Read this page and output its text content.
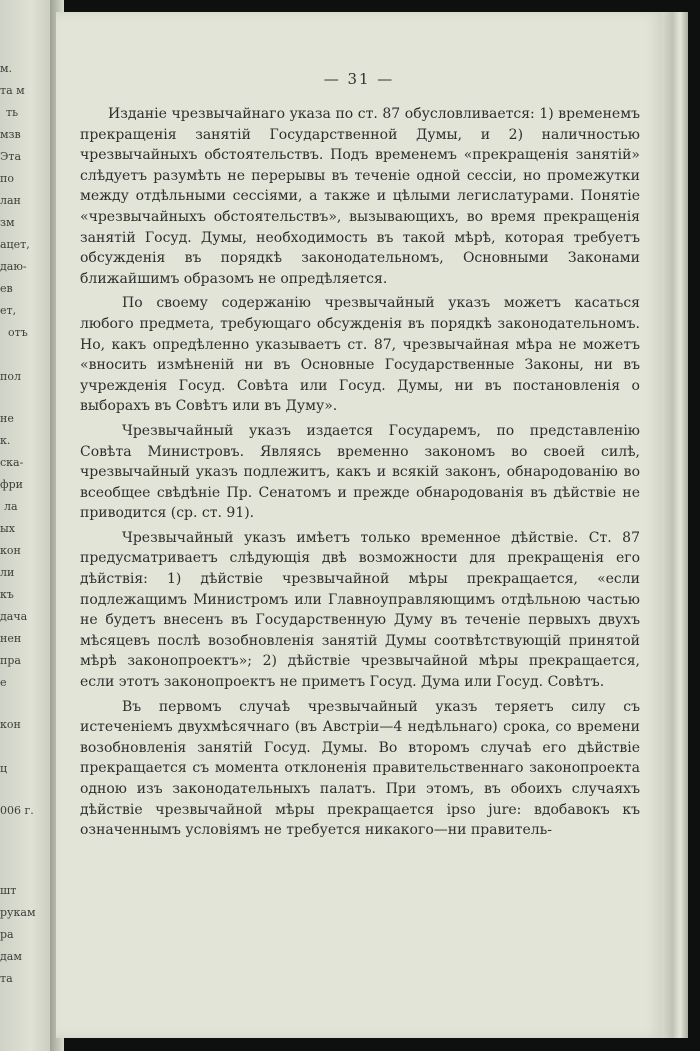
м.
та м
ть
мзв
Эта
по
лан
зм
ацет,
даю-
ев
ет,
отъ
пол
не
к.
ска-
фри
ла
ых
кон
ли
къ
дача
нен
пра
е
кон
ц
006 г.
шт
рукам
ра
дам
та
— 31 —

Изданіе чрезвычайнаго указа по ст. 87 обусловливается: 1) временемъ прекращенія занятій Государственной Думы, и 2) наличностью чрезвычайныхъ обстоятельствъ. Подъ временемъ «прекращенія занятій» слѣдуетъ разумѣть не перерывы въ теченіе одной сессіи, но промежутки между отдѣльными сессіями, а также и цѣлыми легислатурами. Понятіе «чрезвычайныхъ обстоятельствъ», вызывающихъ, во время прекращенія занятій Госуд. Думы, необходимость въ такой мѣрѣ, которая требуетъ обсужденія въ порядкѣ законодательномъ, Основными Законами ближайшимъ образомъ не опредѣляется.

По своему содержанію чрезвычайный указъ можетъ касаться любого предмета, требующаго обсужденія въ порядкѣ законодательномъ. Но, какъ опредѣленно указываетъ ст. 87, чрезвычайная мѣра не можетъ «вносить измѣненій ни въ Основные Государственные Законы, ни въ учрежденія Госуд. Совѣта или Госуд. Думы, ни въ постановленія о выборахъ въ Совѣтъ или въ Думу».

Чрезвычайный указъ издается Государемъ, по представленію Совѣта Министровъ. Являясь временно закономъ во своей силѣ, чрезвычайный указъ подлежитъ, какъ и всякій законъ, обнародованію во всеобщее свѣдѣніе Пр. Сенатомъ и прежде обнародованія въ дѣйствіе не приводится (ср. ст. 91).

Чрезвычайный указъ имѣетъ только временное дѣйствіе. Ст. 87 предусматриваетъ слѣдующія двѣ возможности для прекращенія его дѣйствія: 1) дѣйствіе чрезвычайной мѣры прекращается, «если подлежащимъ Министромъ или Главноуправляющимъ отдѣльною частью не будетъ внесенъ въ Государственную Думу въ теченіе первыхъ двухъ мѣсяцевъ послѣ возобновленія занятій Думы соотвѣтствующій принятой мѣрѣ законопроектъ»; 2) дѣйствіе чрезвычайной мѣры прекращается, если этотъ законопроектъ не приметъ Госуд. Дума или Госуд. Совѣтъ.

Въ первомъ случаѣ чрезвычайный указъ теряетъ силу съ истеченіемъ двухмѣсячнаго (въ Австріи—4 недѣльнаго) срока, со времени возобновленія занятій Госуд. Думы. Во второмъ случаѣ его дѣйствіе прекращается съ момента отклоненія правительственнаго законопроекта одною изъ законодательныхъ палатъ. При этомъ, въ обоихъ случаяхъ дѣйствіе чрезвычайной мѣры прекращается ipso jure: вдобавокъ къ означеннымъ условіямъ не требуется никакого—ни правитель-
